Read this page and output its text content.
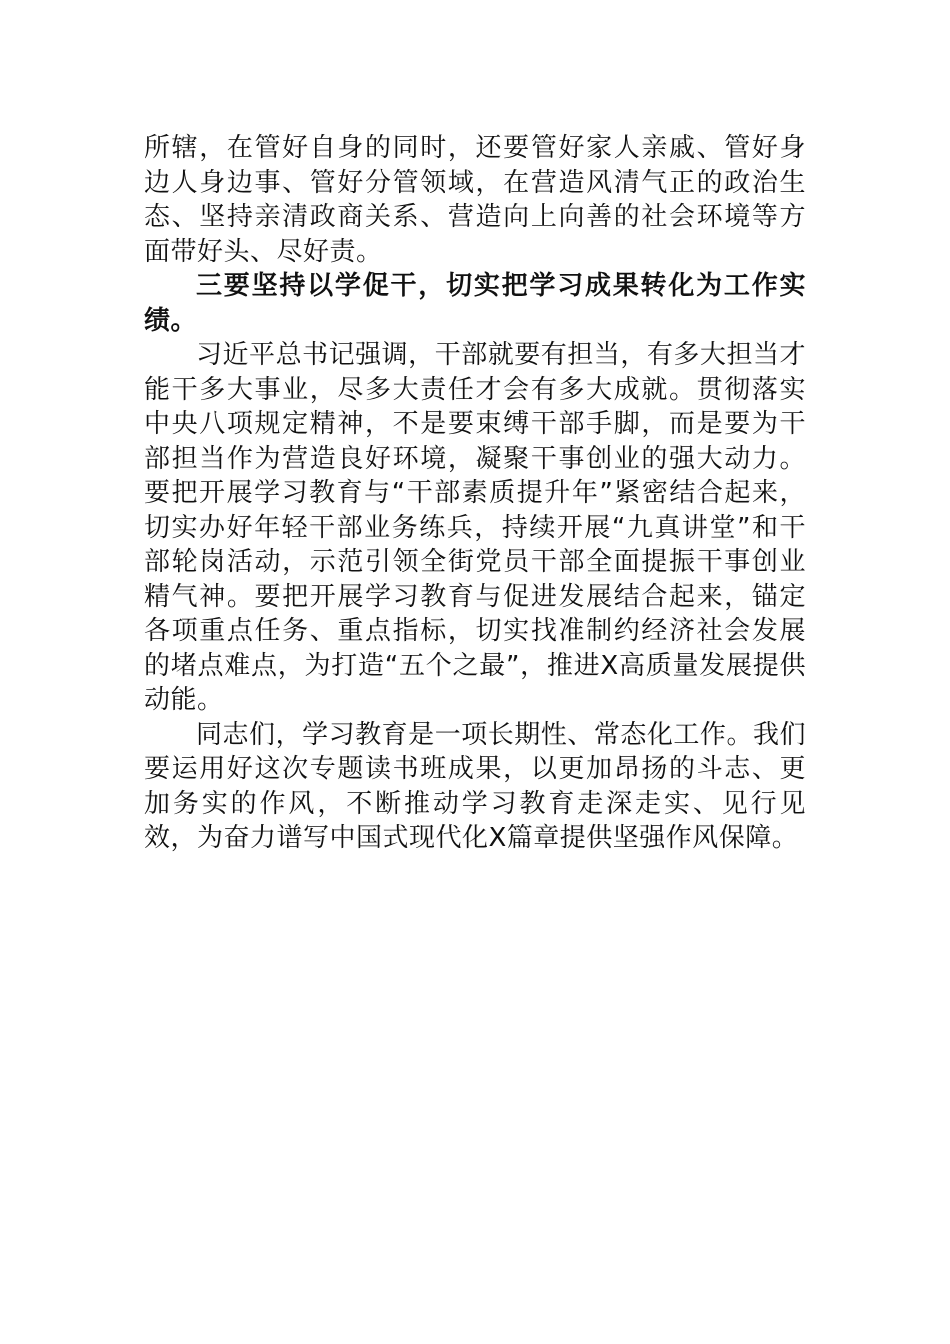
所辖，在管好自身的同时，还要管好家人亲戚、管好身边人身边事、管好分管领域，在营造风清气正的政治生态、坚持亲清政商关系、营造向上向善的社会环境等方面带好头、尽好责。

三要坚持以学促干，切实把学习成果转化为工作实绩。

习近平总书记强调，干部就要有担当，有多大担当才能干多大事业，尽多大责任才会有多大成就。贯彻落实中央八项规定精神，不是要束缚干部手脚，而是要为干部担当作为营造良好环境，凝聚干事创业的强大动力。要把开展学习教育与“干部素质提升年”紧密结合起来，切实办好年轻干部业务练兵，持续开展“九真讲堂”和干部轮岗活动，示范引领全街党员干部全面提振干事创业精气神。要把开展学习教育与促进发展结合起来，锚定各项重点任务、重点指标，切实找准制约经济社会发展的堵点难点，为打造“五个之最”，推进X高质量发展提供动能。

同志们，学习教育是一项长期性、常态化工作。我们要运用好这次专题读书班成果，以更加昂扬的斗志、更加务实的作风，不断推动学习教育走深走实、见行见效，为奋力谱写中国式现代化X篇章提供坚强作风保障。
